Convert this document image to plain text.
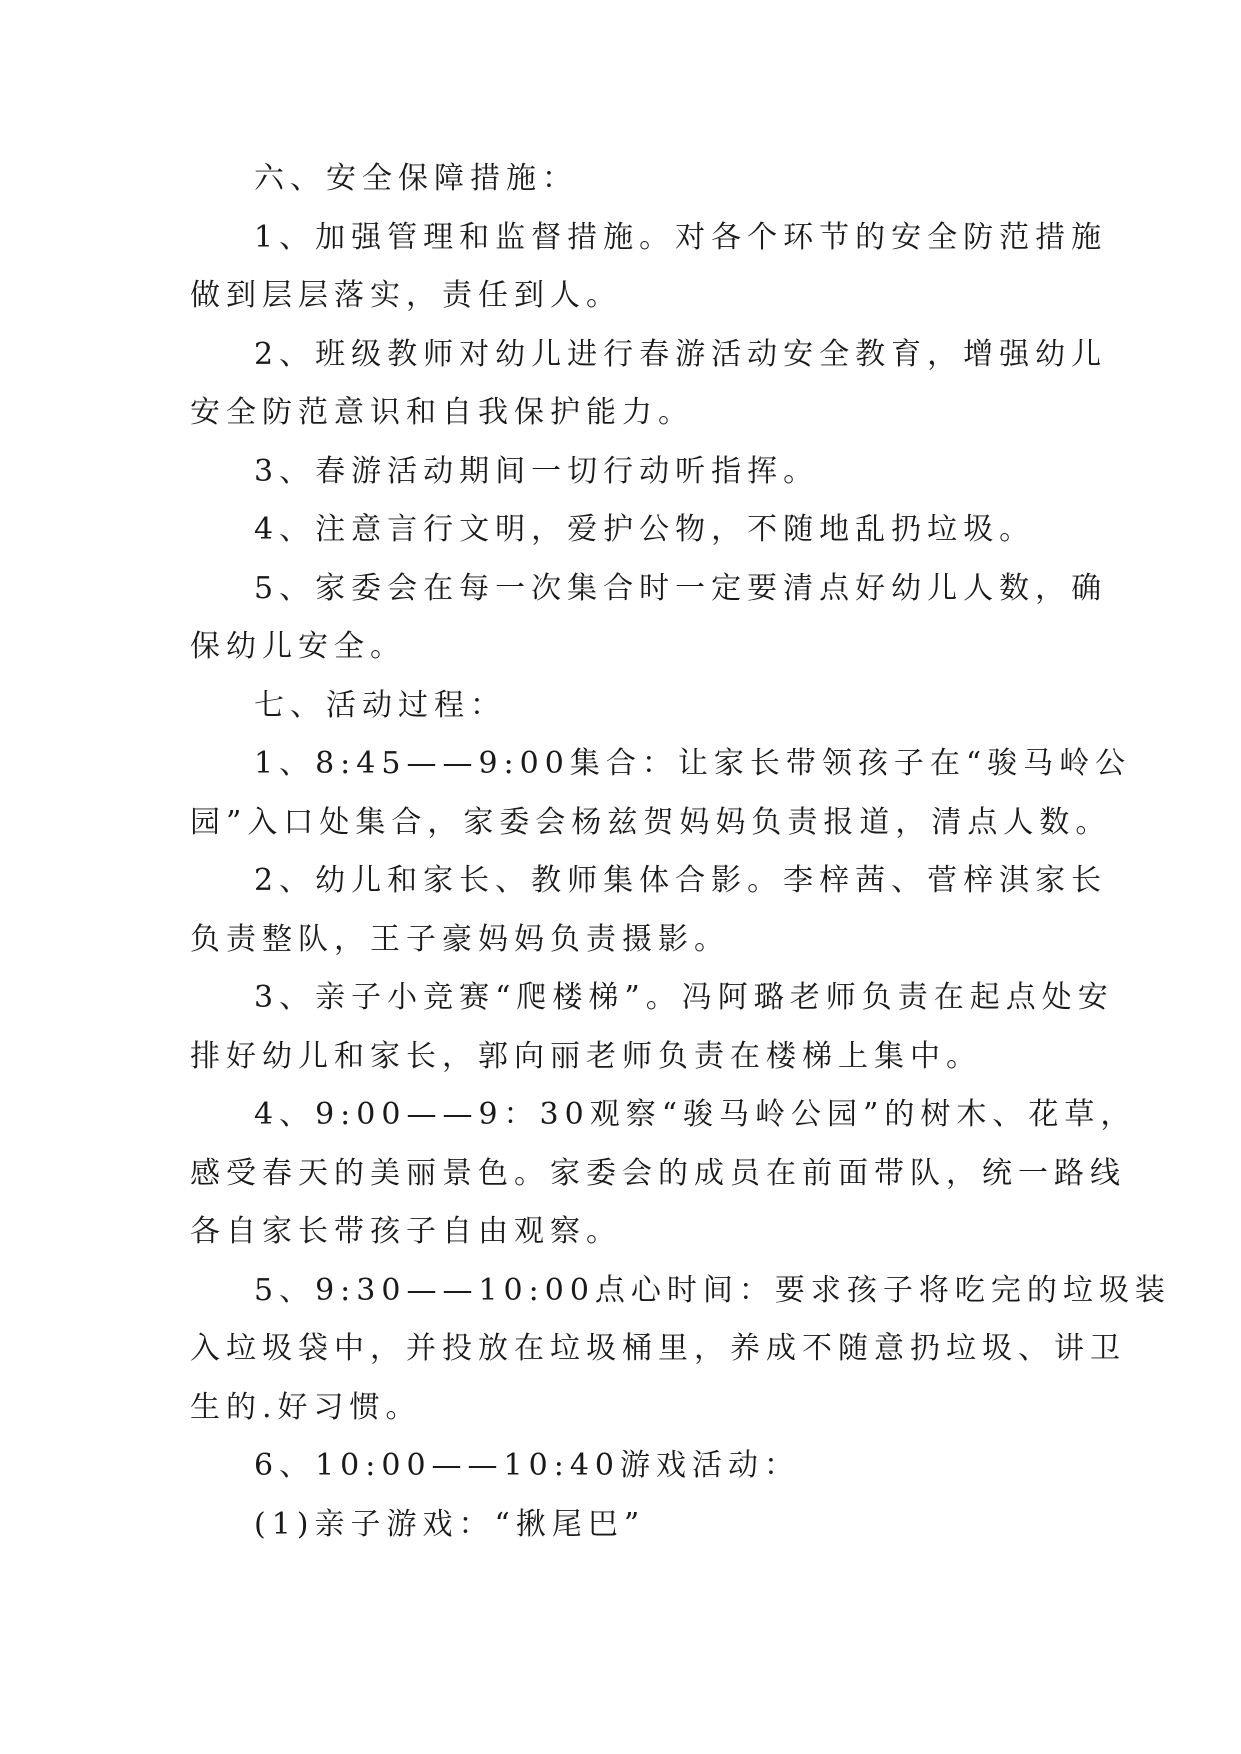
六、安全保障措施：
1、加强管理和监督措施。对各个环节的安全防范措施
做到层层落实，责任到人。
2、班级教师对幼儿进行春游活动安全教育，增强幼儿
安全防范意识和自我保护能力。
3、春游活动期间一切行动听指挥。
4、注意言行文明，爱护公物，不随地乱扔垃圾。
5、家委会在每一次集合时一定要清点好幼儿人数，确
保幼儿安全。
七、活动过程：
1、8:45——9:00集合：让家长带领孩子在“骏马岭公
园”入口处集合，家委会杨兹贺妈妈负责报道，清点人数。
2、幼儿和家长、教师集体合影。李梓茜、菅梓淇家长
负责整队，王子豪妈妈负责摄影。
3、亲子小竞赛“爬楼梯”。冯阿璐老师负责在起点处安
排好幼儿和家长，郭向丽老师负责在楼梯上集中。
4、9:00——9：30观察“骏马岭公园”的树木、花草，
感受春天的美丽景色。家委会的成员在前面带队，统一路线
各自家长带孩子自由观察。
5、9:30——10:00点心时间：要求孩子将吃完的垃圾装
入垃圾袋中，并投放在垃圾桶里，养成不随意扔垃圾、讲卫
生的.好习惯。
6、10:00——10:40游戏活动：
(1)亲子游戏：“揪尾巴”
